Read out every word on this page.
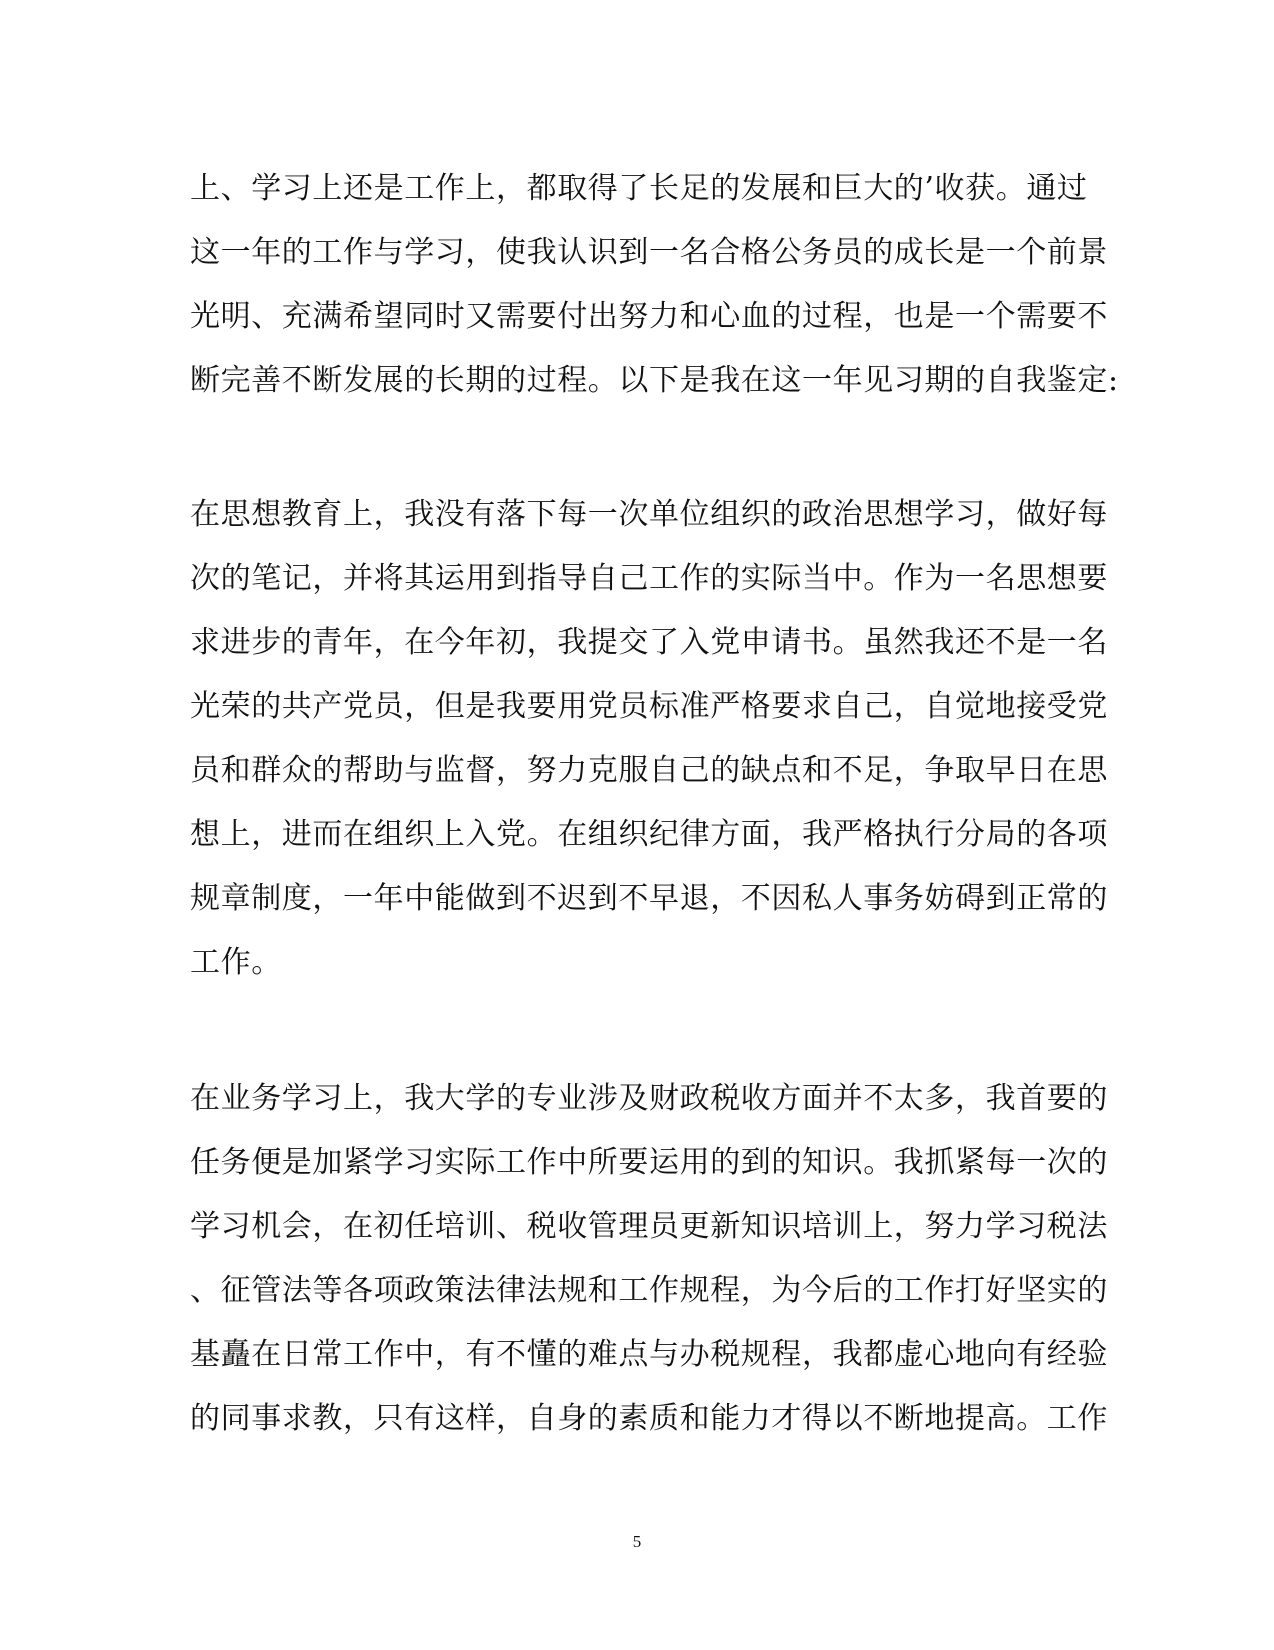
上、学习上还是工作上，都取得了长足的发展和巨大的’收获。通过
这一年的工作与学习，使我认识到一名合格公务员的成长是一个前景
光明、充满希望同时又需要付出努力和心血的过程，也是一个需要不
断完善不断发展的长期的过程。以下是我在这一年见习期的自我鉴定:
在思想教育上，我没有落下每一次单位组织的政治思想学习，做好每
次的笔记，并将其运用到指导自己工作的实际当中。作为一名思想要
求进步的青年，在今年初，我提交了入党申请书。虽然我还不是一名
光荣的共产党员，但是我要用党员标准严格要求自己，自觉地接受党
员和群众的帮助与监督，努力克服自己的缺点和不足，争取早日在思
想上，进而在组织上入党。在组织纪律方面，我严格执行分局的各项
规章制度，一年中能做到不迟到不早退，不因私人事务妨碍到正常的
工作。
在业务学习上，我大学的专业涉及财政税收方面并不太多，我首要的
任务便是加紧学习实际工作中所要运用的到的知识。我抓紧每一次的
学习机会，在初任培训、税收管理员更新知识培训上，努力学习税法
、征管法等各项政策法律法规和工作规程，为今后的工作打好坚实的
基矗在日常工作中，有不懂的难点与办税规程，我都虚心地向有经验
的同事求教，只有这样，自身的素质和能力才得以不断地提高。工作
5
